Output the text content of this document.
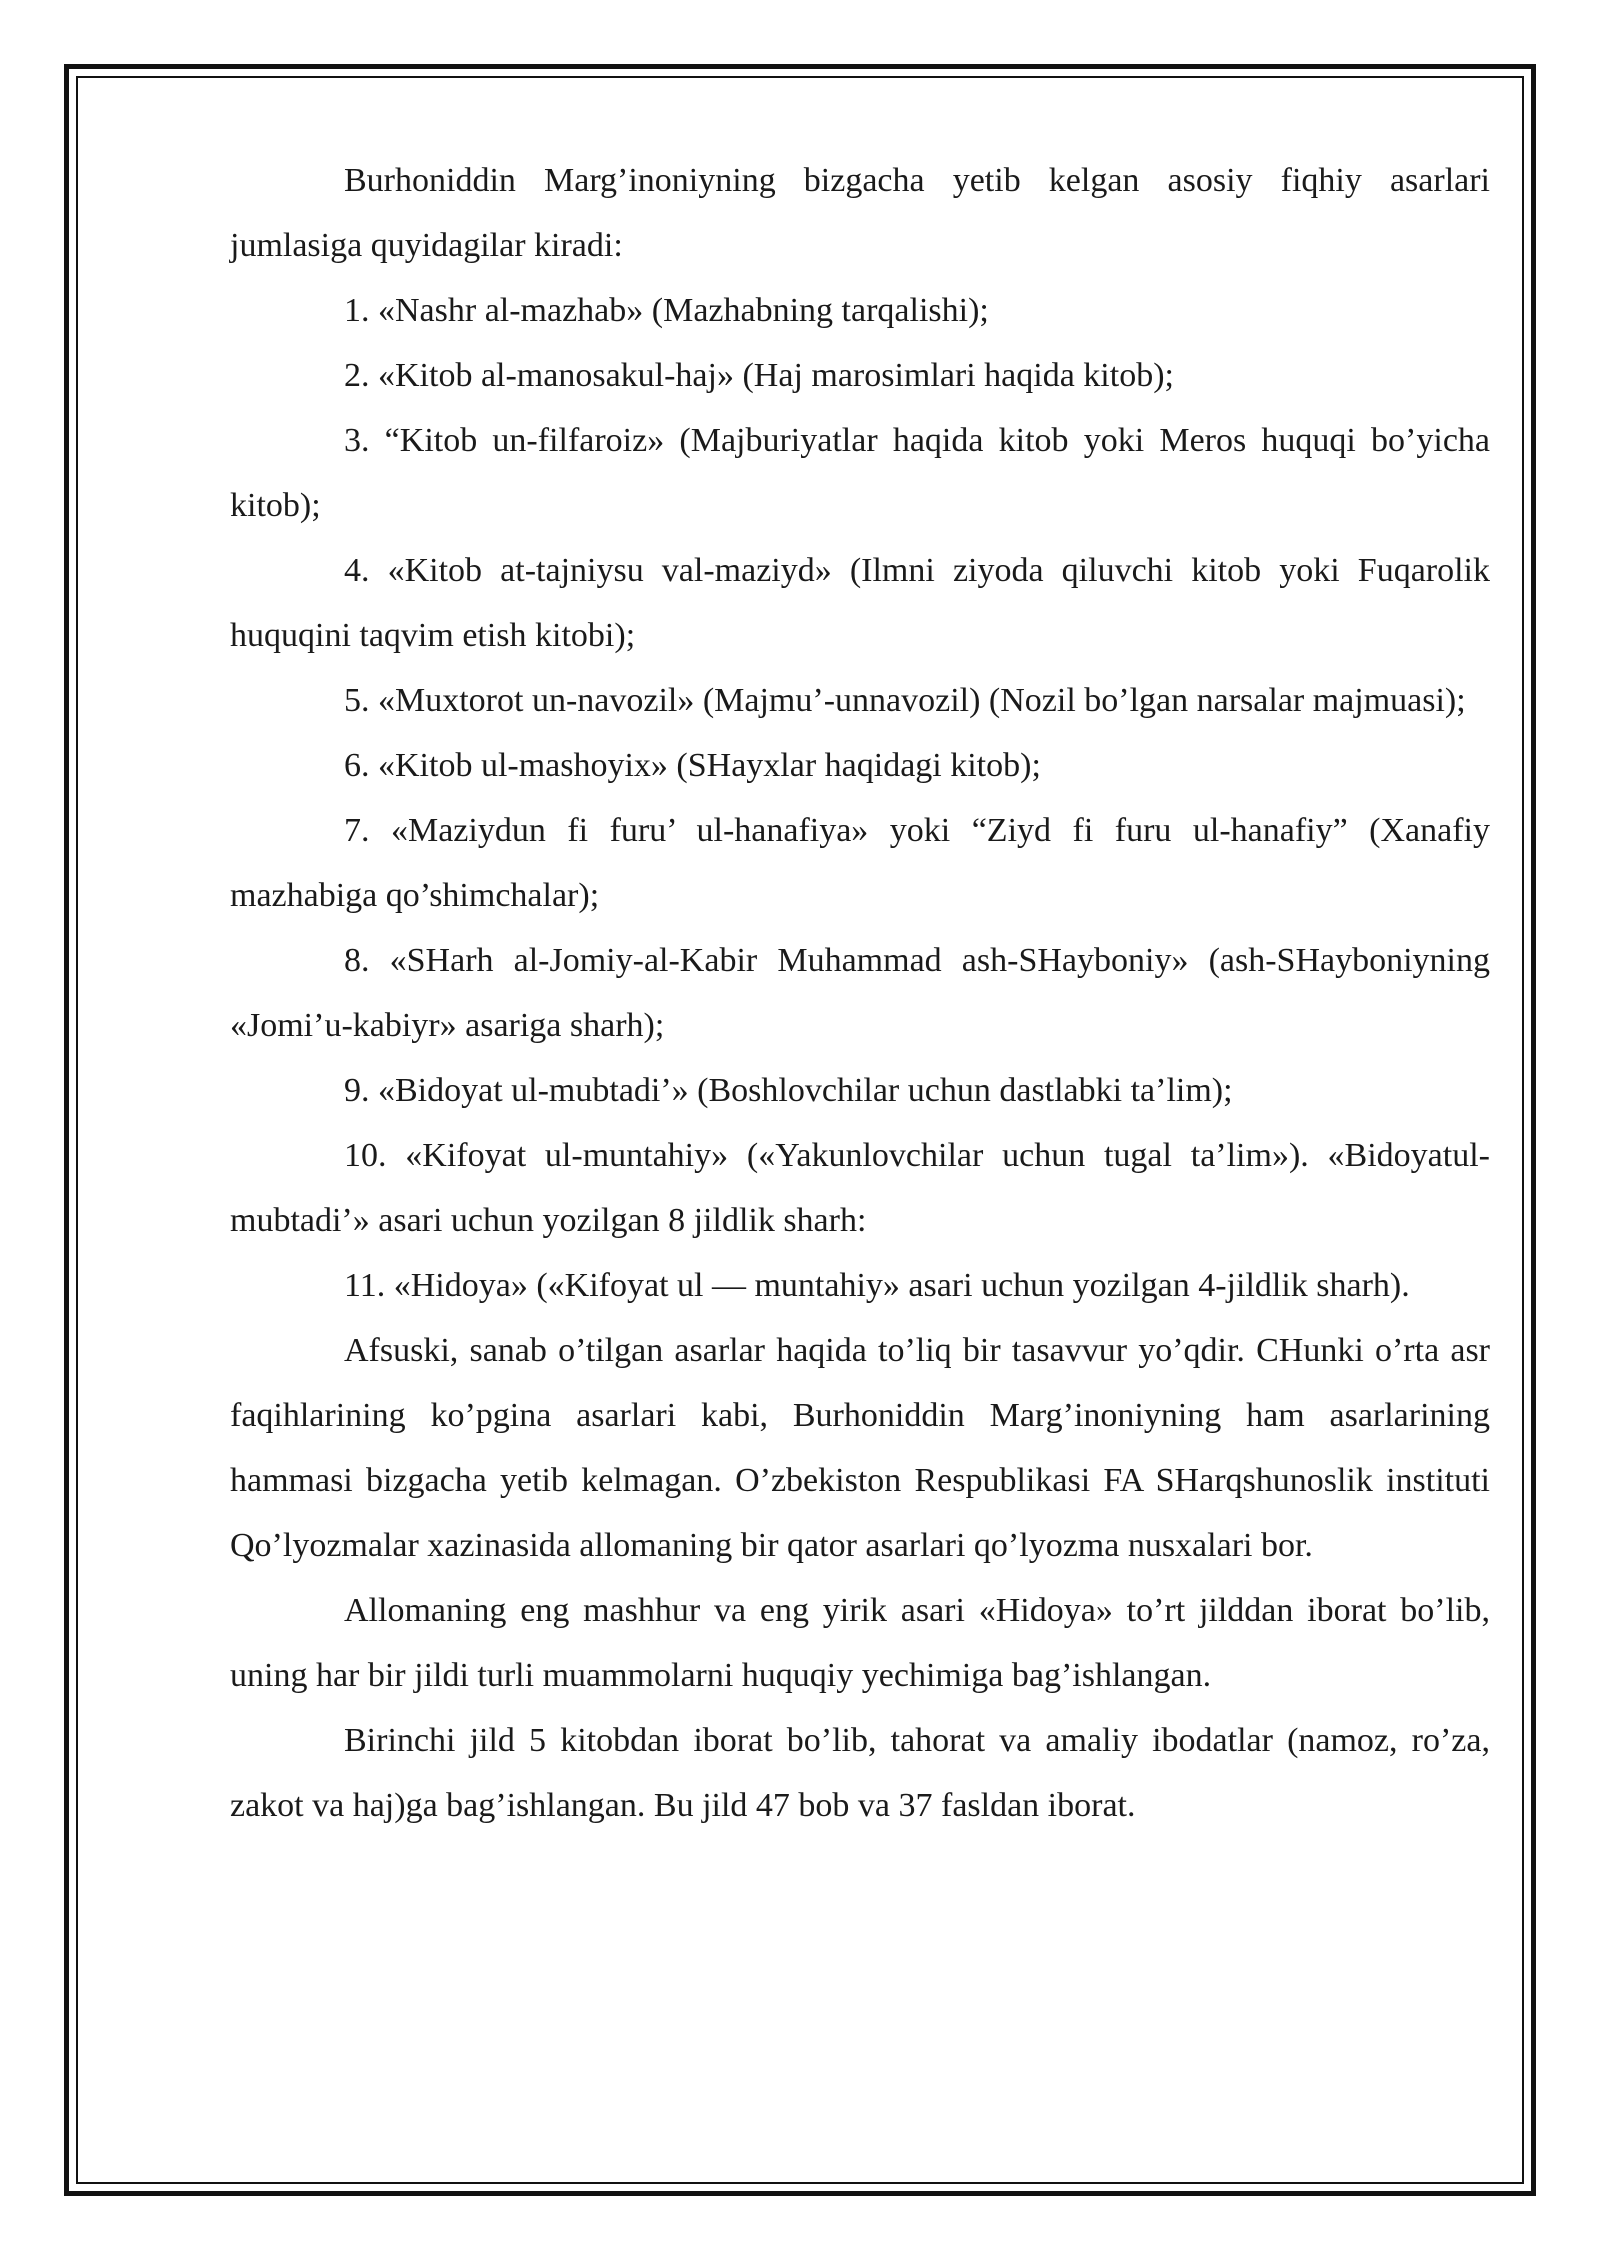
Burhoniddin Marg’inoniyning bizgacha yetib kelgan asosiy fiqhiy asarlari jumlasiga quyidagilar kiradi:

1. «Nashr al-mazhab» (Mazhabning tarqalishi);

2. «Kitob al-manosakul-haj» (Haj marosimlari haqida kitob);

3. “Kitob un-filfaroiz» (Majburiyatlar haqida kitob yoki Meros huquqi bo’yicha kitob);

4. «Kitob at-tajniysu val-maziyd» (Ilmni ziyoda qiluvchi kitob yoki Fuqarolik huquqini taqvim etish kitobi);

5. «Muxtorot un-navozil» (Majmu’-unnavozil) (Nozil bo’lgan narsalar majmuasi);

6. «Kitob ul-mashoyix» (SHayxlar haqidagi kitob);

7. «Maziydun fi furu’ ul-hanafiya» yoki “Ziyd fi furu ul-hanafiy” (Xanafiy mazhabiga qo’shimchalar);

8. «SHarh al-Jomiy-al-Kabir Muhammad ash-SHayboniy» (ash-SHayboniyning «Jomi’u-kabiyr» asariga sharh);

9. «Bidoyat ul-mubtadi’» (Boshlovchilar uchun dastlabki ta’lim);

10. «Kifoyat ul-muntahiy» («Yakunlovchilar uchun tugal ta’lim»). «Bidoyatul-mubtadi’» asari uchun yozilgan 8 jildlik sharh:

11. «Hidoya» («Kifoyat ul — muntahiy» asari uchun yozilgan 4-jildlik sharh).

Afsuski, sanab o’tilgan asarlar haqida to’liq bir tasavvur yo’qdir. CHunki o’rta asr faqihlarining ko’pgina asarlari kabi, Burhoniddin Marg’inoniyning ham asarlarining hammasi bizgacha yetib kelmagan. O’zbekiston Respublikasi FA SHarqshunoslik instituti Qo’lyozmalar xazinasida allomaning bir qator asarlari qo’lyozma nusxalari bor.

Allomaning eng mashhur va eng yirik asari «Hidoya» to’rt jilddan iborat bo’lib, uning har bir jildi turli muammolarni huquqiy yechimiga bag’ishlangan.

Birinchi jild 5 kitobdan iborat bo’lib, tahorat va amaliy ibodatlar (namoz, ro’za, zakot va haj)ga bag’ishlangan. Bu jild 47 bob va 37 fasldan iborat.
